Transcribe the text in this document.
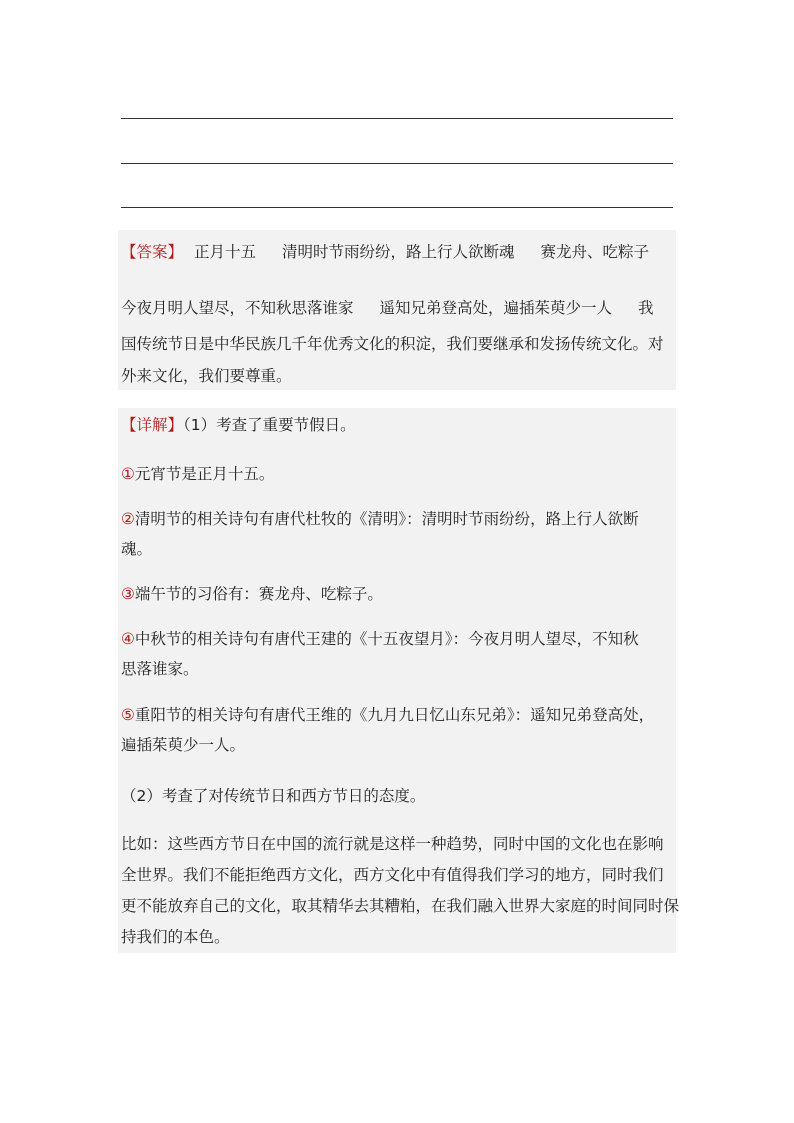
【答案】 正月十五 清明时节雨纷纷，路上行人欲断魂 赛龙舟、吃粽子
今夜月明人望尽，不知秋思落谁家 遥知兄弟登高处，遍插茱萸少一人 我
国传统节日是中华民族几千年优秀文化的积淀，我们要继承和发扬传统文化。对
外来文化，我们要尊重。
【详解】（1）考查了重要节假日。
①元宵节是正月十五。
②清明节的相关诗句有唐代杜牧的《清明》：清明时节雨纷纷，路上行人欲断
魂。
③端午节的习俗有：赛龙舟、吃粽子。
④中秋节的相关诗句有唐代王建的《十五夜望月》：今夜月明人望尽，不知秋
思落谁家。
⑤重阳节的相关诗句有唐代王维的《九月九日忆山东兄弟》：遥知兄弟登高处，
遍插茱萸少一人。
（2）考查了对传统节日和西方节日的态度。
比如：这些西方节日在中国的流行就是这样一种趋势，同时中国的文化也在影响
全世界。我们不能拒绝西方文化，西方文化中有值得我们学习的地方，同时我们
更不能放弃自己的文化，取其精华去其糟粕，在我们融入世界大家庭的时间同时保
持我们的本色。
